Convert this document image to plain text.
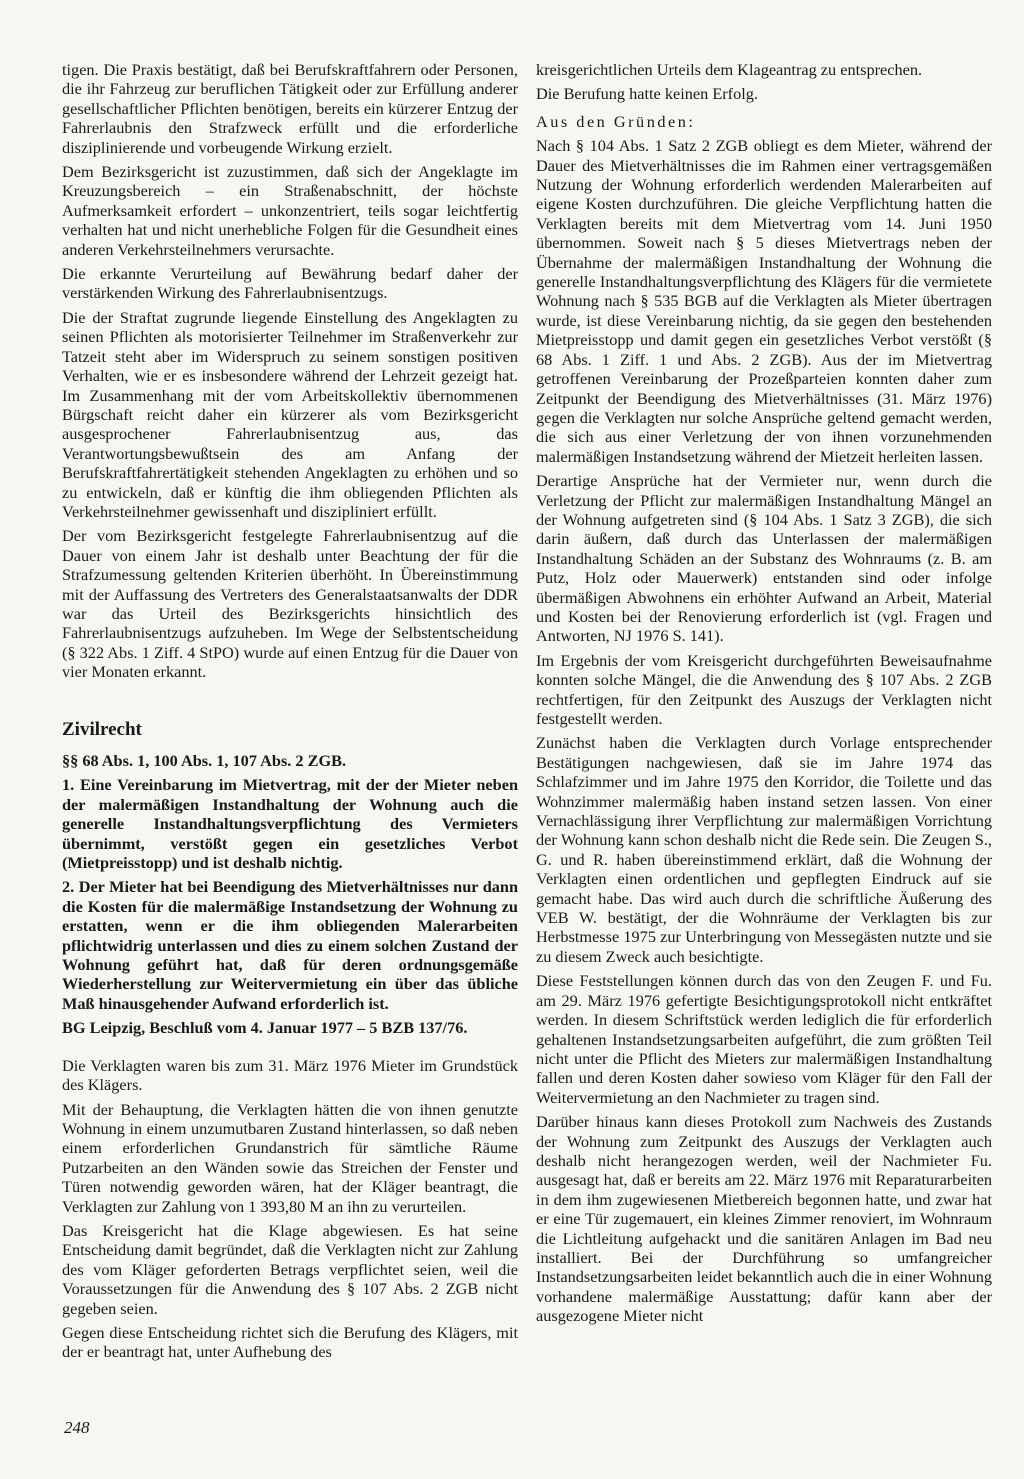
tigen. Die Praxis bestätigt, daß bei Berufskraftfahrern oder Personen, die ihr Fahrzeug zur beruflichen Tätigkeit oder zur Erfüllung anderer gesellschaftlicher Pflichten benötigen, bereits ein kürzerer Entzug der Fahrerlaubnis den Strafzweck erfüllt und die erforderliche disziplinierende und vorbeugende Wirkung erzielt.

Dem Bezirksgericht ist zuzustimmen, daß sich der Angeklagte im Kreuzungsbereich – ein Straßenabschnitt, der höchste Aufmerksamkeit erfordert – unkonzentriert, teils sogar leichtfertig verhalten hat und nicht unerhebliche Folgen für die Gesundheit eines anderen Verkehrsteilnehmers verursachte.

Die erkannte Verurteilung auf Bewährung bedarf daher der verstärkenden Wirkung des Fahrerlaubnisentzugs.

Die der Straftat zugrunde liegende Einstellung des Angeklagten zu seinen Pflichten als motorisierter Teilnehmer im Straßenverkehr zur Tatzeit steht aber im Widerspruch zu seinem sonstigen positiven Verhalten, wie er es insbesondere während der Lehrzeit gezeigt hat. Im Zusammenhang mit der vom Arbeitskollektiv übernommenen Bürgschaft reicht daher ein kürzerer als vom Bezirksgericht ausgesprochener Fahrerlaubnisentzug aus, das Verantwortungsbewußtsein des am Anfang der Berufskraftfahrertätigkeit stehenden Angeklagten zu erhöhen und so zu entwickeln, daß er künftig die ihm obliegenden Pflichten als Verkehrsteilnehmer gewissenhaft und diszipliniert erfüllt.

Der vom Bezirksgericht festgelegte Fahrerlaubnisentzug auf die Dauer von einem Jahr ist deshalb unter Beachtung der für die Strafzumessung geltenden Kriterien überhöht. In Übereinstimmung mit der Auffassung des Vertreters des Generalstaatsanwalts der DDR war das Urteil des Bezirksgerichts hinsichtlich des Fahrerlaubnisentzugs aufzuheben. Im Wege der Selbstentscheidung (§ 322 Abs. 1 Ziff. 4 StPO) wurde auf einen Entzug für die Dauer von vier Monaten erkannt.

Zivilrecht

§§ 68 Abs. 1, 100 Abs. 1, 107 Abs. 2 ZGB.

1. Eine Vereinbarung im Mietvertrag, mit der der Mieter neben der malermäßigen Instandhaltung der Wohnung auch die generelle Instandhaltungsverpflichtung des Vermieters übernimmt, verstößt gegen ein gesetzliches Verbot (Mietpreisstopp) und ist deshalb nichtig.

2. Der Mieter hat bei Beendigung des Mietverhältnisses nur dann die Kosten für die malermäßige Instandsetzung der Wohnung zu erstatten, wenn er die ihm obliegenden Malerarbeiten pflichtwidrig unterlassen und dies zu einem solchen Zustand der Wohnung geführt hat, daß für deren ordnungsgemäße Wiederherstellung zur Weitervermietung ein über das übliche Maß hinausgehender Aufwand erforderlich ist.

BG Leipzig, Beschluß vom 4. Januar 1977 – 5 BZB 137/76.

Die Verklagten waren bis zum 31. März 1976 Mieter im Grundstück des Klägers.

Mit der Behauptung, die Verklagten hätten die von ihnen genutzte Wohnung in einem unzumutbaren Zustand hinterlassen, so daß neben einem erforderlichen Grundanstrich für sämtliche Räume Putzarbeiten an den Wänden sowie das Streichen der Fenster und Türen notwendig geworden wären, hat der Kläger beantragt, die Verklagten zur Zahlung von 1 393,80 M an ihn zu verurteilen.

Das Kreisgericht hat die Klage abgewiesen. Es hat seine Entscheidung damit begründet, daß die Verklagten nicht zur Zahlung des vom Kläger geforderten Betrags verpflichtet seien, weil die Voraussetzungen für die Anwendung des § 107 Abs. 2 ZGB nicht gegeben seien.

Gegen diese Entscheidung richtet sich die Berufung des Klägers, mit der er beantragt hat, unter Aufhebung des

kreisgerichtlichen Urteils dem Klageantrag zu entsprechen.

Die Berufung hatte keinen Erfolg.

Aus den Gründen:

Nach § 104 Abs. 1 Satz 2 ZGB obliegt es dem Mieter, während der Dauer des Mietverhältnisses die im Rahmen einer vertragsgemäßen Nutzung der Wohnung erforderlich werdenden Malerarbeiten auf eigene Kosten durchzuführen. Die gleiche Verpflichtung hatten die Verklagten bereits mit dem Mietvertrag vom 14. Juni 1950 übernommen. Soweit nach § 5 dieses Mietvertrags neben der Übernahme der malermäßigen Instandhaltung der Wohnung die generelle Instandhaltungsverpflichtung des Klägers für die vermietete Wohnung nach § 535 BGB auf die Verklagten als Mieter übertragen wurde, ist diese Vereinbarung nichtig, da sie gegen den bestehenden Mietpreisstopp und damit gegen ein gesetzliches Verbot verstößt (§ 68 Abs. 1 Ziff. 1 und Abs. 2 ZGB). Aus der im Mietvertrag getroffenen Vereinbarung der Prozeßparteien konnten daher zum Zeitpunkt der Beendigung des Mietverhältnisses (31. März 1976) gegen die Verklagten nur solche Ansprüche geltend gemacht werden, die sich aus einer Verletzung der von ihnen vorzunehmenden malermäßigen Instandsetzung während der Mietzeit herleiten lassen.

Derartige Ansprüche hat der Vermieter nur, wenn durch die Verletzung der Pflicht zur malermäßigen Instandhaltung Mängel an der Wohnung aufgetreten sind (§ 104 Abs. 1 Satz 3 ZGB), die sich darin äußern, daß durch das Unterlassen der malermäßigen Instandhaltung Schäden an der Substanz des Wohnraums (z. B. am Putz, Holz oder Mauerwerk) entstanden sind oder infolge übermäßigen Abwohnens ein erhöhter Aufwand an Arbeit, Material und Kosten bei der Renovierung erforderlich ist (vgl. Fragen und Antworten, NJ 1976 S. 141).

Im Ergebnis der vom Kreisgericht durchgeführten Beweisaufnahme konnten solche Mängel, die die Anwendung des § 107 Abs. 2 ZGB rechtfertigen, für den Zeitpunkt des Auszugs der Verklagten nicht festgestellt werden.

Zunächst haben die Verklagten durch Vorlage entsprechender Bestätigungen nachgewiesen, daß sie im Jahre 1974 das Schlafzimmer und im Jahre 1975 den Korridor, die Toilette und das Wohnzimmer malermäßig haben instand setzen lassen. Von einer Vernachlässigung ihrer Verpflichtung zur malermäßigen Vorrichtung der Wohnung kann schon deshalb nicht die Rede sein. Die Zeugen S., G. und R. haben übereinstimmend erklärt, daß die Wohnung der Verklagten einen ordentlichen und gepflegten Eindruck auf sie gemacht habe. Das wird auch durch die schriftliche Äußerung des VEB W. bestätigt, der die Wohnräume der Verklagten bis zur Herbstmesse 1975 zur Unterbringung von Messegästen nutzte und sie zu diesem Zweck auch besichtigte.

Diese Feststellungen können durch das von den Zeugen F. und Fu. am 29. März 1976 gefertigte Besichtigungsprotokoll nicht entkräftet werden. In diesem Schriftstück werden lediglich die für erforderlich gehaltenen Instandsetzungsarbeiten aufgeführt, die zum größten Teil nicht unter die Pflicht des Mieters zur malermäßigen Instandhaltung fallen und deren Kosten daher sowieso vom Kläger für den Fall der Weitervermietung an den Nachmieter zu tragen sind.

Darüber hinaus kann dieses Protokoll zum Nachweis des Zustands der Wohnung zum Zeitpunkt des Auszugs der Verklagten auch deshalb nicht herangezogen werden, weil der Nachmieter Fu. ausgesagt hat, daß er bereits am 22. März 1976 mit Reparaturarbeiten in dem ihm zugewiesenen Mietbereich begonnen hatte, und zwar hat er eine Tür zugemauert, ein kleines Zimmer renoviert, im Wohnraum die Lichtleitung aufgehackt und die sanitären Anlagen im Bad neu installiert. Bei der Durchführung so umfangreicher Instandsetzungsarbeiten leidet bekanntlich auch die in einer Wohnung vorhandene malermäßige Ausstattung; dafür kann aber der ausgezogene Mieter nicht

248
